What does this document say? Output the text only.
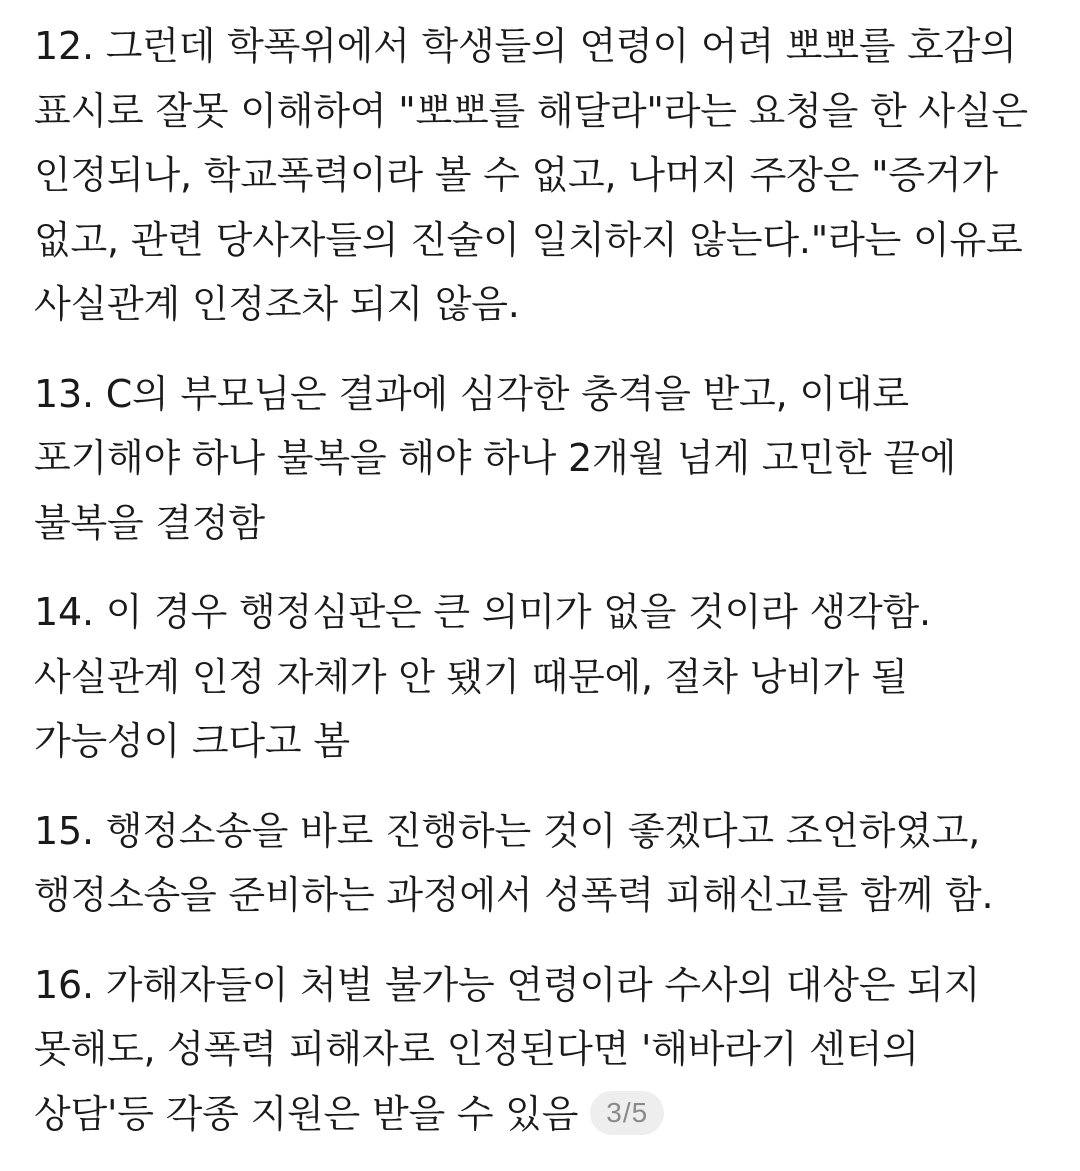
12. 그런데 학폭위에서 학생들의 연령이 어려 뽀뽀를 호감의
표시로 잘못 이해하여 "뽀뽀를 해달라"라는 요청을 한 사실은
인정되나, 학교폭력이라 볼 수 없고, 나머지 주장은 "증거가
없고, 관련 당사자들의 진술이 일치하지 않는다."라는 이유로
사실관계 인정조차 되지 않음.
13. C의 부모님은 결과에 심각한 충격을 받고, 이대로
포기해야 하나 불복을 해야 하나 2개월 넘게 고민한 끝에
불복을 결정함
14. 이 경우 행정심판은 큰 의미가 없을 것이라 생각함.
사실관계 인정 자체가 안 됐기 때문에, 절차 낭비가 될
가능성이 크다고 봄
15. 행정소송을 바로 진행하는 것이 좋겠다고 조언하였고,
행정소송을 준비하는 과정에서 성폭력 피해신고를 함께 함.
16. 가해자들이 처벌 불가능 연령이라 수사의 대상은 되지
못해도, 성폭력 피해자로 인정된다면 '해바라기 센터의
상담'등 각종 지원은 받을 수 있음 3/5
